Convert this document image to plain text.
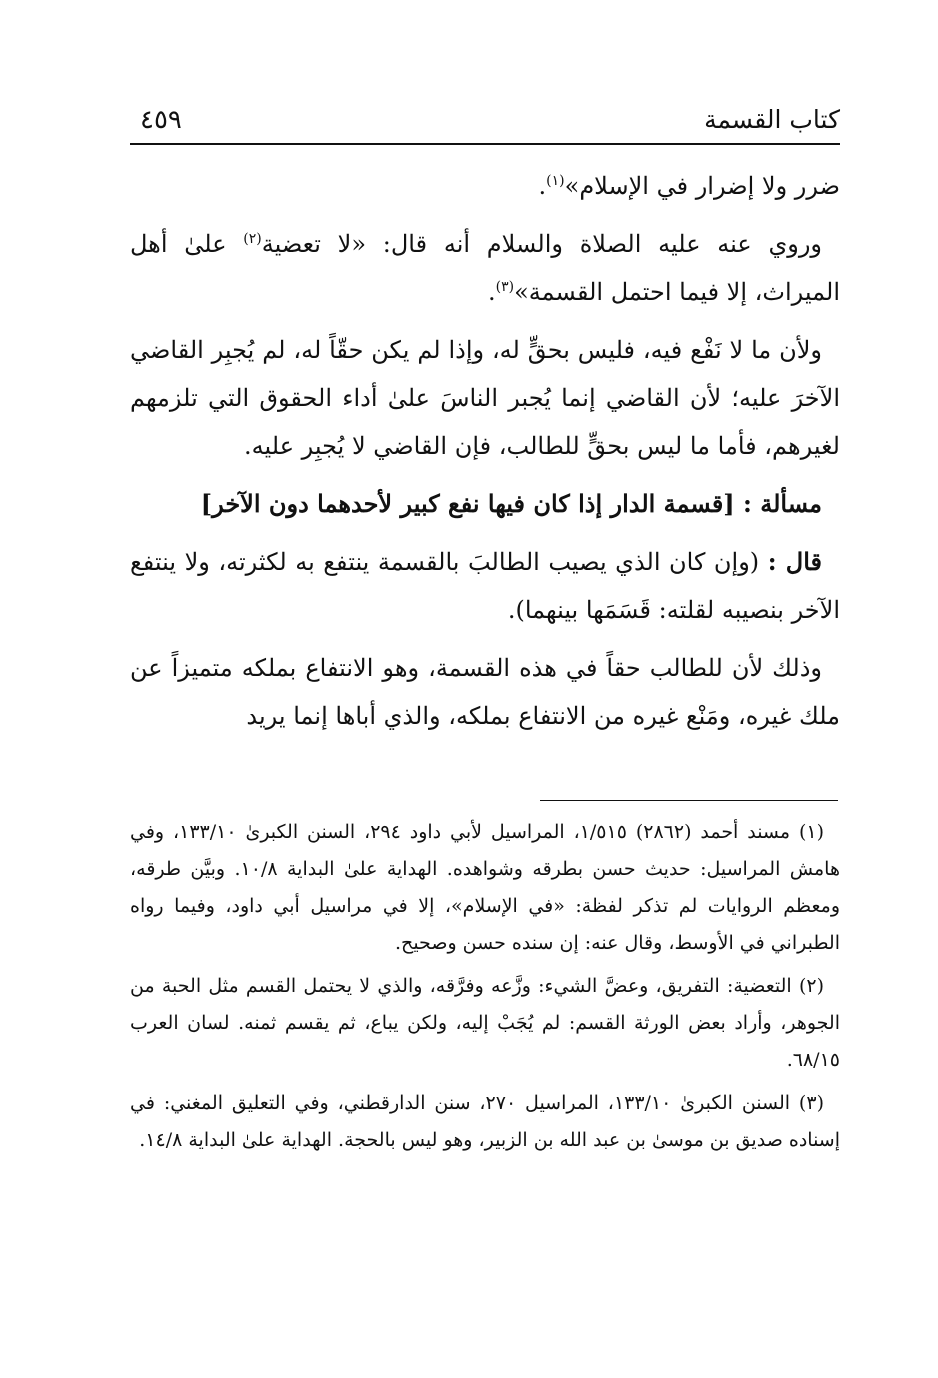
كتاب القسمة
٤٥٩

ضرر ولا إضرار في الإسلام»$^{(١)}$.

وروي عنه عليه الصلاة والسلام أنه قال: «لا تعضية$^{(٢)}$ علىٰ أهل الميراث، إلا فيما احتمل القسمة»$^{(٣)}$.

ولأن ما لا نَفْع فيه، فليس بحقٍّ له، وإذا لم يكن حقّاً له، لم يُجبِر القاضي الآخرَ عليه؛ لأن القاضي إنما يُجبر الناسَ علىٰ أداء الحقوق التي تلزمهم لغيرهم، فأما ما ليس بحقٍّ للطالب، فإن القاضي لا يُجبِر عليه.

مسألة : [قسمة الدار إذا كان فيها نفع كبير لأحدهما دون الآخر]

قال : (وإن كان الذي يصيب الطالبَ بالقسمة ينتفع به لكثرته، ولا ينتفع الآخر بنصيبه لقلته: قَسَمَها بينهما).

وذلك لأن للطالب حقاً في هذه القسمة، وهو الانتفاع بملكه متميزاً عن ملك غيره، ومَنْع غيره من الانتفاع بملكه، والذي أباها إنما يريد

(١) مسند أحمد (٢٨٦٢) ١/٥١٥، المراسيل لأبي داود ٢٩٤، السنن الكبرىٰ ١٣٣/١٠، وفي هامش المراسيل: حديث حسن بطرقه وشواهده. الهداية علىٰ البداية ١٠/٨. وبيَّن طرقه، ومعظم الروايات لم تذكر لفظة: «في الإسلام»، إلا في مراسيل أبي داود، وفيما رواه الطبراني في الأوسط، وقال عنه: إن سنده حسن وصحيح.

(٢) التعضية: التفريق، وعضَّ الشيء: وزَّعه وفرَّقه، والذي لا يحتمل القسم مثل الحبة من الجوهر، وأراد بعض الورثة القسم: لم يُجَبْ إليه، ولكن يباع، ثم يقسم ثمنه. لسان العرب ٦٨/١٥.

(٣) السنن الكبرىٰ ١٣٣/١٠، المراسيل ٢٧٠، سنن الدارقطني، وفي التعليق المغني: في إسناده صديق بن موسىٰ بن عبد الله بن الزبير، وهو ليس بالحجة. الهداية علىٰ البداية ١٤/٨.
